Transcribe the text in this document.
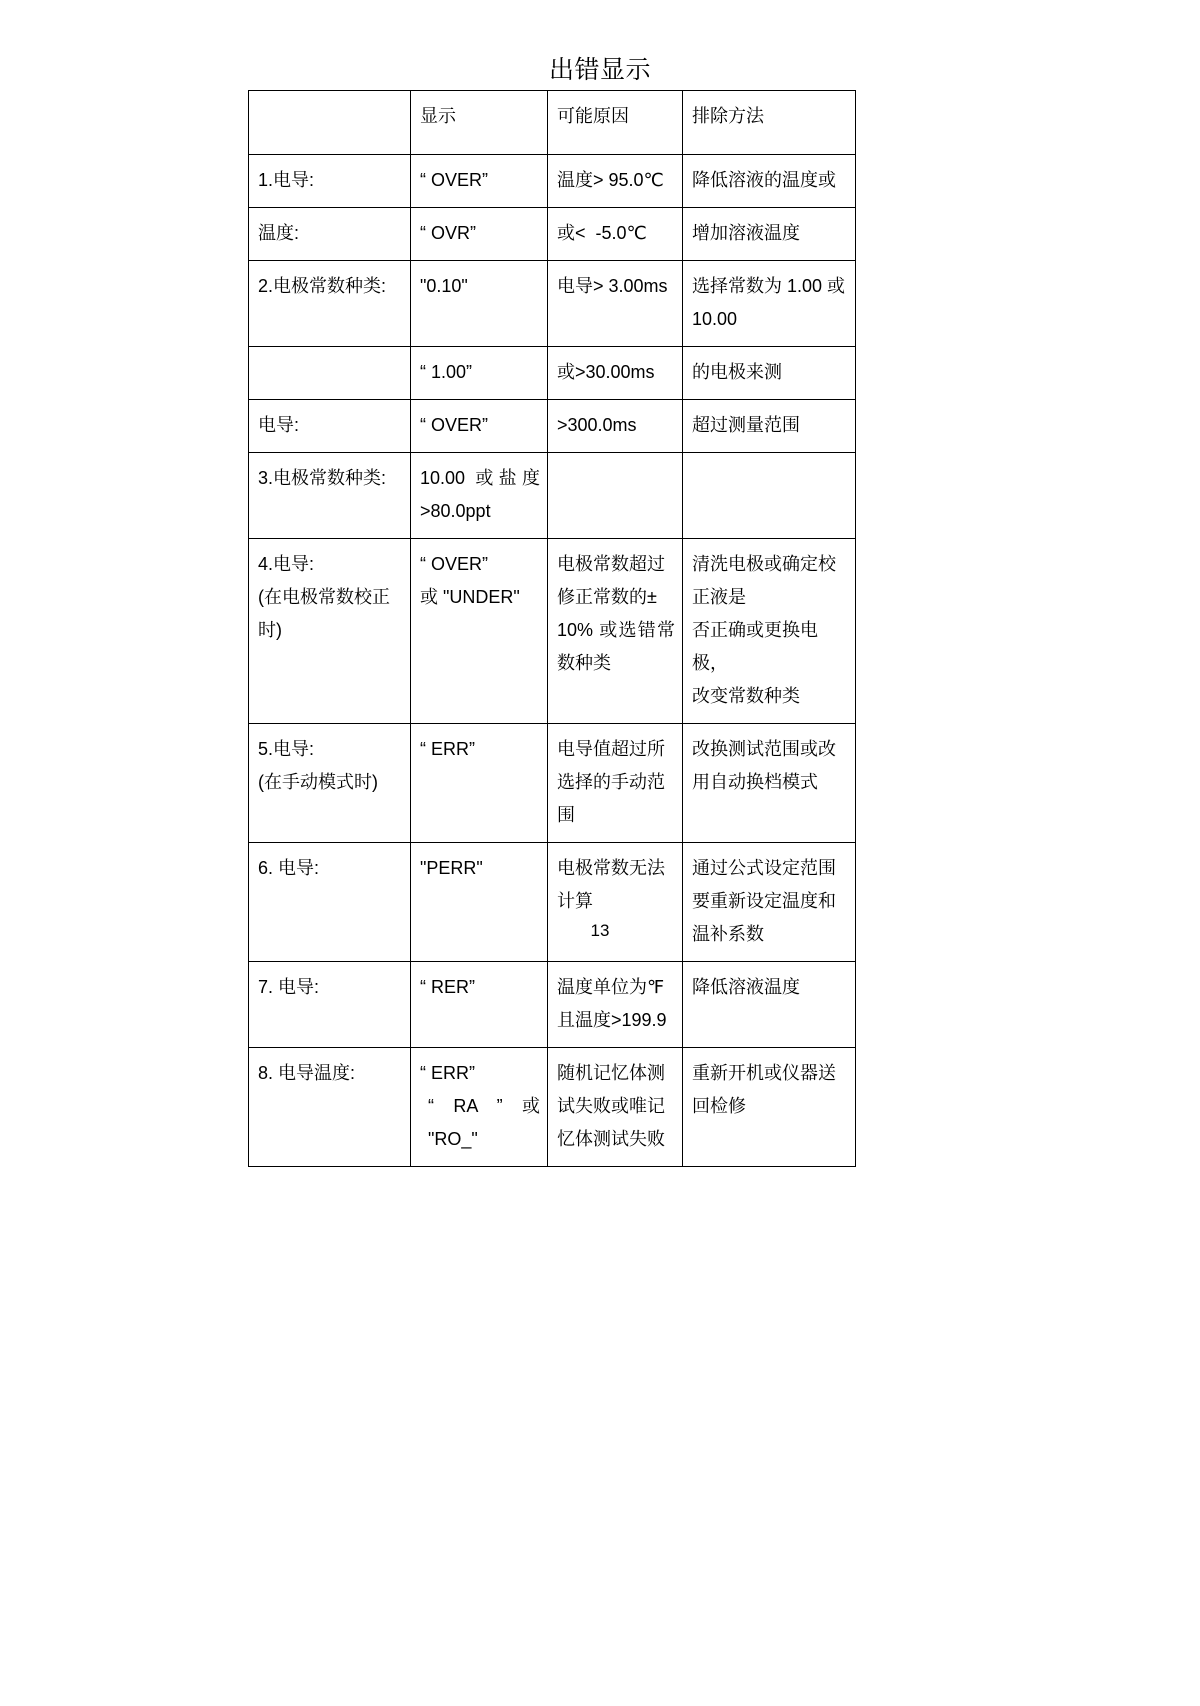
出错显示
	显示	可能原因	排除方法

1.电导:	“ OVER”	温度> 95.0℃	降低溶液的温度或

温度:	“ OVR”	或<  -5.0℃	增加溶液温度

2.电极常数种类:	"0.10"	电导> 3.00ms	选择常数为 1.00 或
10.00

	“ 1.00”	或>30.00ms	的电极来测

电导:	“ OVER”	>300.0ms	超过测量范围

3.电极常数种类:	10.00 或盐度
>80.0ppt		

4.电导:
(在电极常数校正
时)	“ OVER”
或 "UNDER"	电极常数超过
修正常数的±
10% 或选错常
数种类	清洗电极或确定校
正液是
否正确或更换电极，
改变常数种类

5.电导:
(在手动模式时)	“ ERR”	电导值超过所
选择的手动范
围	改换测试范围或改
用自动换档模式

6. 电导:	"PERR"	电极常数无法
计算	通过公式设定范围
要重新设定温度和
温补系数

7. 电导:	“ RER”	温度单位为℉
且温度>199.9	降低溶液温度

8. 电导温度:	“ ERR”
“ RA ” 或
"RO_"	随机记忆体测
试失败或唯记
忆体测试失败	重新开机或仪器送
回检修
13
